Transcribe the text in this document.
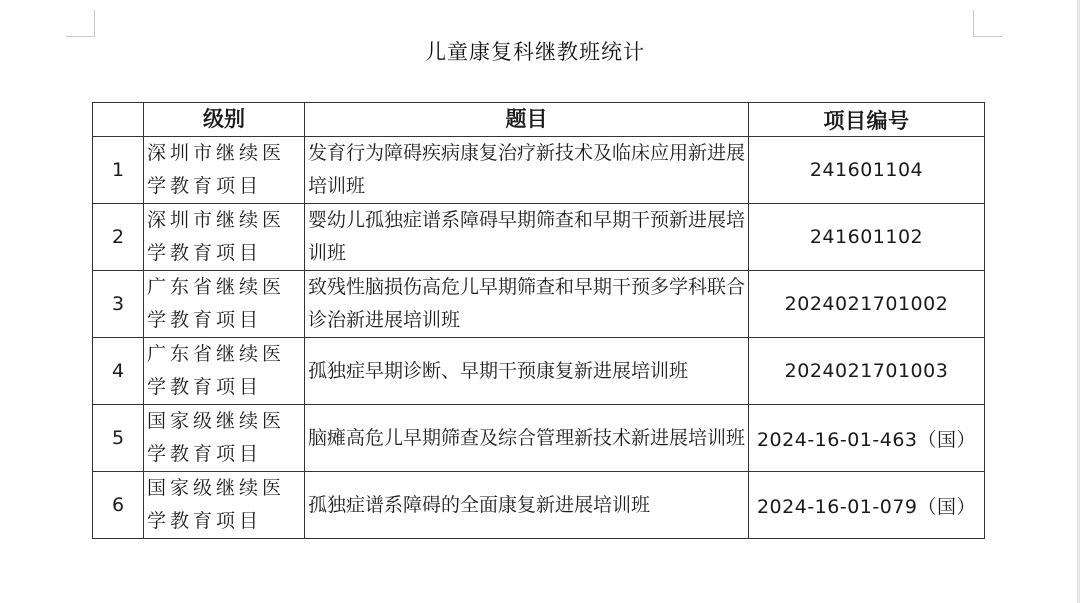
儿童康复科继教班统计
	级别	题目	项目编号
1	深圳市继续医学教育项目	发育行为障碍疾病康复治疗新技术及临床应用新进展培训班	241601104
2	深圳市继续医学教育项目	婴幼儿孤独症谱系障碍早期筛查和早期干预新进展培训班	241601102
3	广东省继续医学教育项目	致残性脑损伤高危儿早期筛查和早期干预多学科联合诊治新进展培训班	2024021701002
4	广东省继续医学教育项目	孤独症早期诊断、早期干预康复新进展培训班	2024021701003
5	国家级继续医学教育项目	脑瘫高危儿早期筛查及综合管理新技术新进展培训班	2024-16-01-463（国）
6	国家级继续医学教育项目	孤独症谱系障碍的全面康复新进展培训班	2024-16-01-079（国）
